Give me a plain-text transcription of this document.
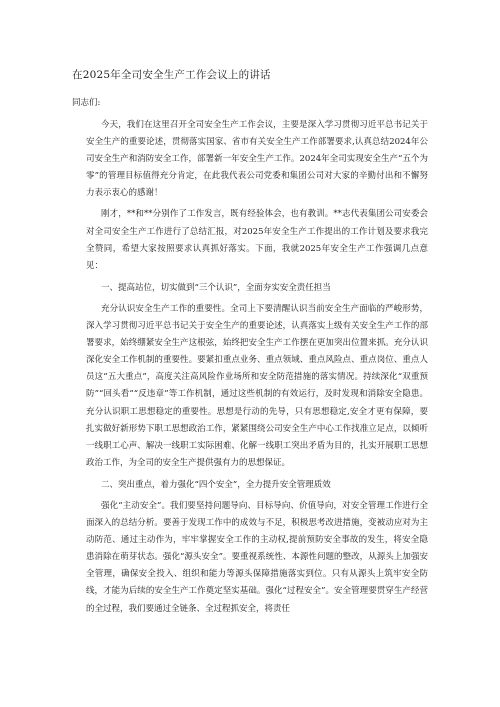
在2025年全司安全生产工作会议上的讲话
同志们:

今天，我们在这里召开全司安全生产工作会议，主要是深入学习贯彻习近平总书记关于安全生产的重要论述，贯彻落实国家、省市有关安全生产工作部署要求,认真总结2024年公司安全生产和消防安全工作，部署新一年安全生产工作。2024年全司实现安全生产“五个为零”的管理目标值得充分肯定，在此我代表公司党委和集团公司对大家的辛勤付出和不懈努力表示衷心的感谢！

刚才，**和**分别作了工作发言，既有经验体会，也有教训。**志代表集团公司安委会对全司安全生产工作进行了总结汇报，对2025年安全生产工作提出的工作计划及要求我完全赞同，希望大家按照要求认真抓好落实。下面，我就2025年安全生产工作强调几点意见：

一、提高站位，切实做到“三个认识”，全面夯实安全责任担当

充分认识安全生产工作的重要性。全司上下要清醒认识当前安全生产面临的严峻形势，深入学习贯彻习近平总书记关于安全生产的重要论述，认真落实上级有关安全生产工作的部署要求，始终绷紧安全生产这根弦，始终把安全生产工作摆在更加突出位置来抓。充分认识深化安全工作机制的重要性。要紧扣重点业务、重点领域、重点风险点、重点岗位、重点人员这“五大重点”，高度关注高风险作业场所和安全防范措施的落实情况。持续深化“双重预防”“回头看”“反违章”等工作机制，通过这些机制的有效运行，及时发现和消除安全隐患。充分认识职工思想稳定的重要性。思想是行动的先导，只有思想稳定,安全才更有保障，要扎实做好新形势下职工思想政治工作，紧紧围绕公司安全生产中心工作找准立足点，以倾听一线职工心声、解决一线职工实际困难、化解一线职工突出矛盾为目的，扎实开展职工思想政治工作，为全司的安全生产提供强有力的思想保证。

二、突出重点，着力强化“四个安全”，全力提升安全管理质效

强化“主动安全”。我们要坚持问题导向、目标导向、价值导向，对安全管理工作进行全面深入的总结分析。要善于发现工作中的成效与不足，积极思考改进措施，变被动应对为主动防范、通过主动作为，牢牢掌握安全工作的主动权,提前预防安全事故的发生，将安全隐患消除在萌芽状态。强化“源头安全”。要重视系统性、本源性问题的整改，从源头上加强安全管理，确保安全投入、组织和能力等源头保障措施落实到位。只有从源头上筑牢安全防线，才能为后续的安全生产工作奠定坚实基础。强化“过程安全”。安全管理要贯穿生产经营的全过程，我们要通过全链条、全过程抓安全，将责任
